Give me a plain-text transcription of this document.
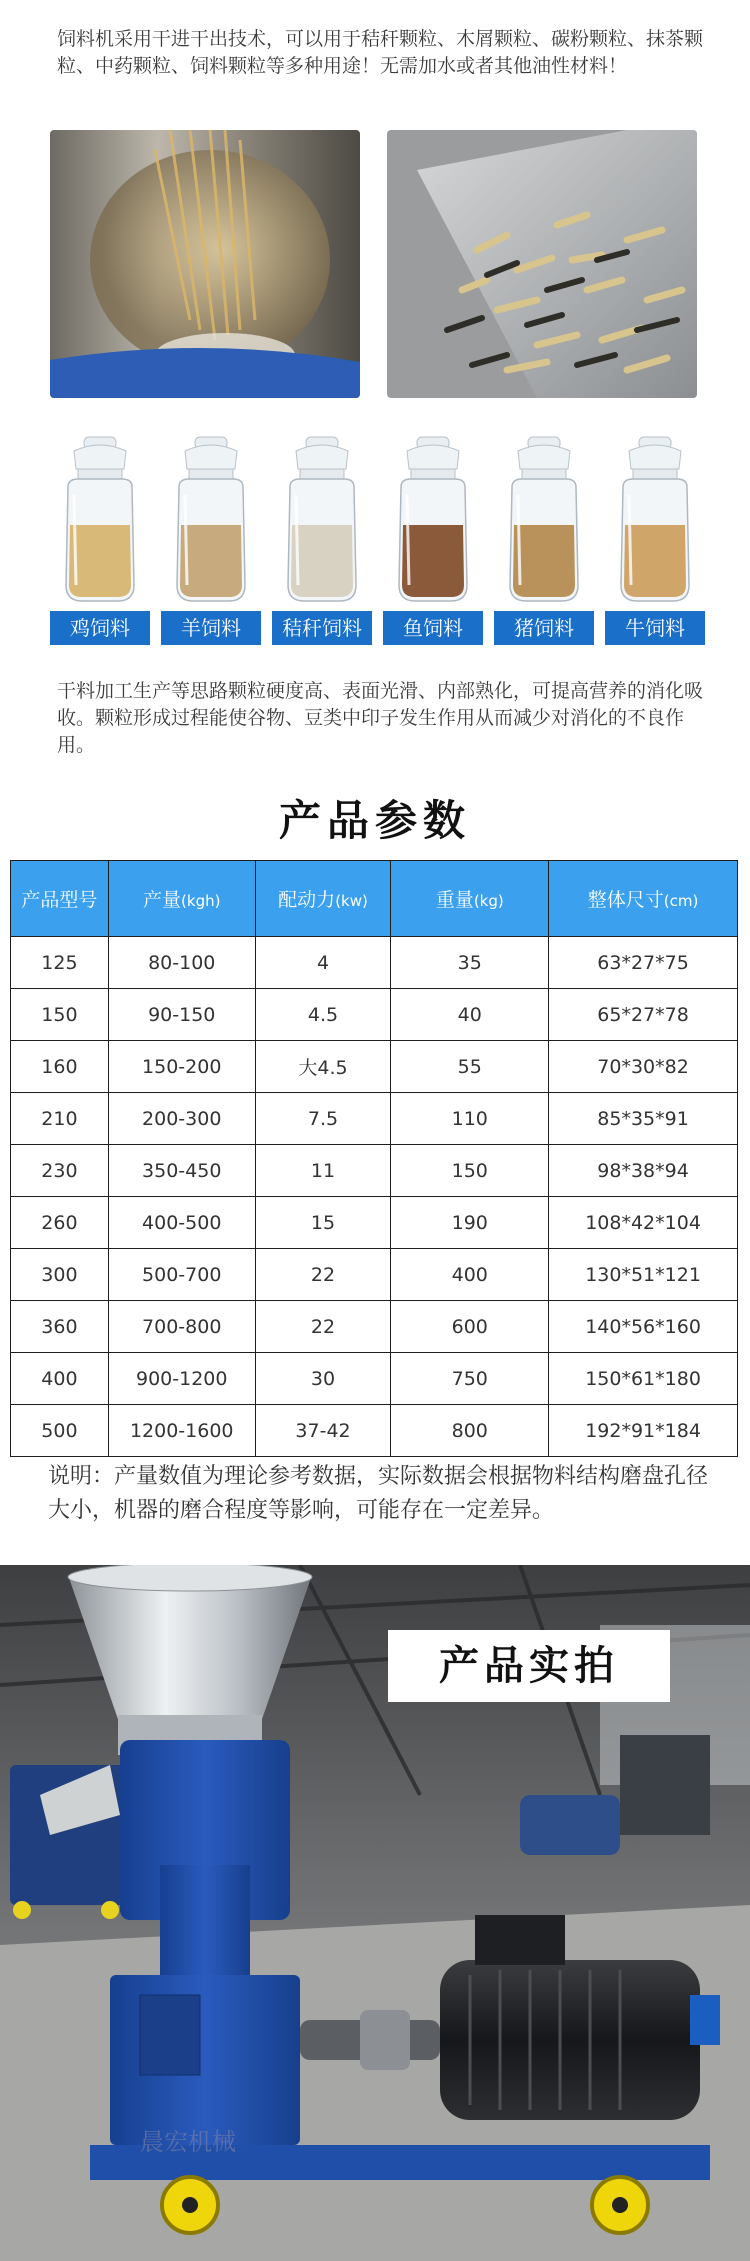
饲料机采用干进干出技术，可以用于秸秆颗粒、木屑颗粒、碳粉颗粒、抹茶颗粒、中药颗粒、饲料颗粒等多种用途！无需加水或者其他油性材料！
鸡饲料	羊饲料	秸秆饲料	鱼饲料	猪饲料	牛饲料
干料加工生产等思路颗粒硬度高、表面光滑、内部熟化，可提高营养的消化吸收。颗粒形成过程能使谷物、豆类中印子发生作用从而减少对消化的不良作用。
产品参数
产品型号	产量(kgh)	配动力(kw)	重量(kg)	整体尺寸(cm)
125	80-100	4	35	63*27*75
150	90-150	4.5	40	65*27*78
160	150-200	大4.5	55	70*30*82
210	200-300	7.5	110	85*35*91
230	350-450	11	150	98*38*94
260	400-500	15	190	108*42*104
300	500-700	22	400	130*51*121
360	700-800	22	600	140*56*160
400	900-1200	30	750	150*61*180
500	1200-1600	37-42	800	192*91*184
说明：产量数值为理论参考数据，实际数据会根据物料结构磨盘孔径大小，机器的磨合程度等影响，可能存在一定差异。
晨宏机械
产品实拍
